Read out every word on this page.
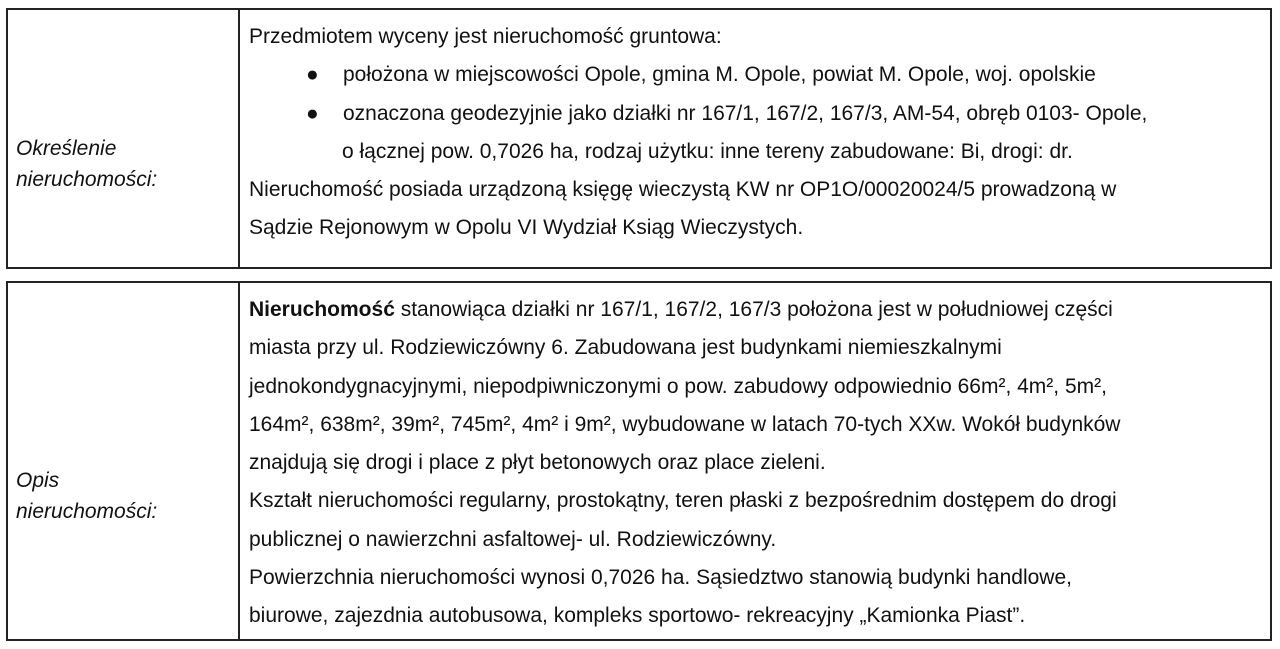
Określenie
nieruchomości:
Przedmiotem wyceny jest nieruchomość gruntowa:
● położona w miejscowości Opole, gmina M. Opole, powiat M. Opole, woj. opolskie
● oznaczona geodezyjnie jako działki nr 167/1, 167/2, 167/3, AM-54, obręb 0103- Opole,
o łącznej pow. 0,7026 ha, rodzaj użytku: inne tereny zabudowane: Bi, drogi: dr.
Nieruchomość posiada urządzoną księgę wieczystą KW nr OP1O/00020024/5 prowadzoną w
Sądzie Rejonowym w Opolu VI Wydział Ksiąg Wieczystych.
Opis
nieruchomości:
Nieruchomość stanowiąca działki nr 167/1, 167/2, 167/3 położona jest w południowej części
miasta przy ul. Rodziewiczówny 6. Zabudowana jest budynkami niemieszkalnymi
jednokondygnacyjnymi, niepodpiwniczonymi o pow. zabudowy odpowiednio 66m², 4m², 5m²,
164m², 638m², 39m², 745m², 4m² i 9m², wybudowane w latach 70-tych XXw. Wokół budynków
znajdują się drogi i place z płyt betonowych oraz place zieleni.
Kształt nieruchomości regularny, prostokątny, teren płaski z bezpośrednim dostępem do drogi
publicznej o nawierzchni asfaltowej- ul. Rodziewiczówny.
Powierzchnia nieruchomości wynosi 0,7026 ha. Sąsiedztwo stanowią budynki handlowe,
biurowe, zajezdnia autobusowa, kompleks sportowo- rekreacyjny „Kamionka Piast”.
